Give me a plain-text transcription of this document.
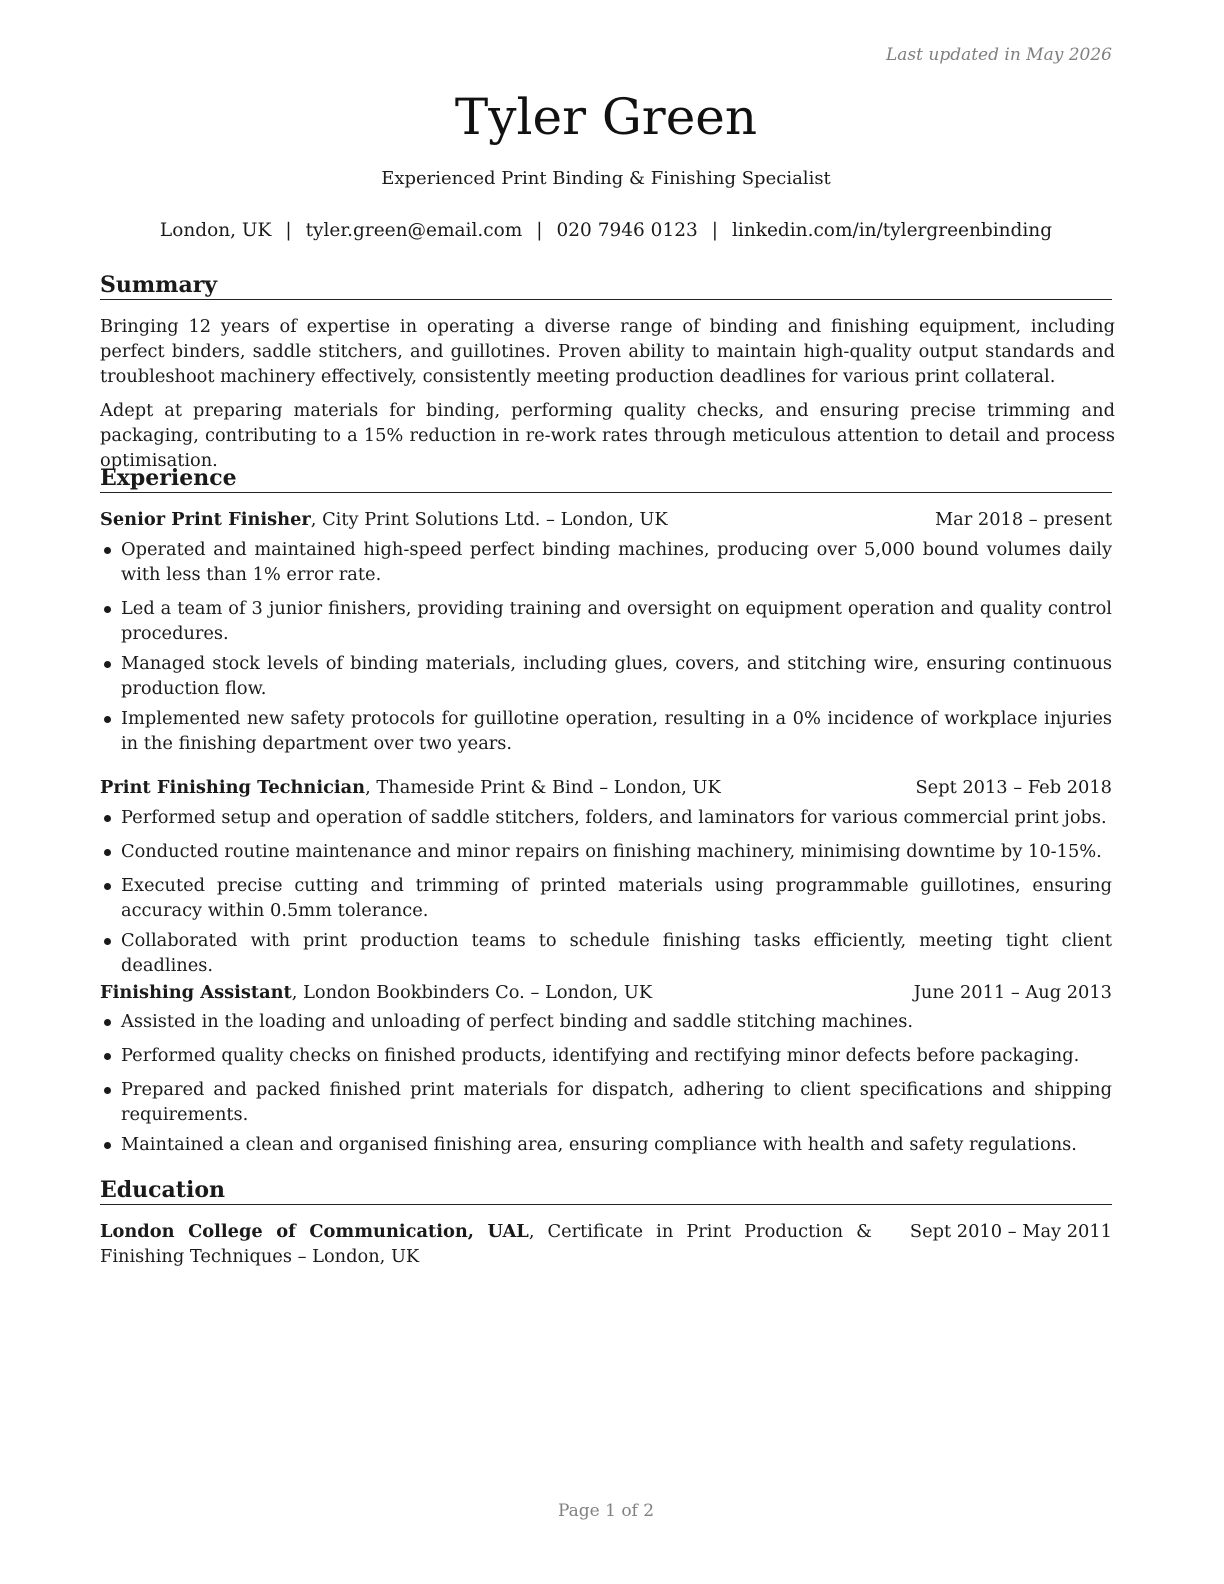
Last updated in May 2026
Tyler Green
Experienced Print Binding & Finishing Specialist
London, UK | tyler.green@email.com | 020 7946 0123 | linkedin.com/in/tylergreenbinding
Summary

Bringing 12 years of expertise in operating a diverse range of binding and finishing equipment, including perfect binders, saddle stitchers, and guillotines. Proven ability to maintain high-quality output standards and troubleshoot machinery effectively, consistently meeting production deadlines for various print collateral.

Adept at preparing materials for binding, performing quality checks, and ensuring precise trimming and packaging, contributing to a 15% reduction in re-work rates through meticulous attention to detail and process optimisation.

Experience
Senior Print Finisher, City Print Solutions Ltd. – London, UK	Mar 2018 – present
Operated and maintained high-speed perfect binding machines, producing over 5,000 bound volumes daily with less than 1% error rate.
Led a team of 3 junior finishers, providing training and oversight on equipment operation and quality control procedures.
Managed stock levels of binding materials, including glues, covers, and stitching wire, ensuring continuous production flow.
Implemented new safety protocols for guillotine operation, resulting in a 0% incidence of workplace injuries in the finishing department over two years.
Print Finishing Technician, Thameside Print & Bind – London, UK	Sept 2013 – Feb 2018
Performed setup and operation of saddle stitchers, folders, and laminators for various commercial print jobs.
Conducted routine maintenance and minor repairs on finishing machinery, minimising downtime by 10-15%.
Executed precise cutting and trimming of printed materials using programmable guillotines, ensuring accuracy within 0.5mm tolerance.
Collaborated with print production teams to schedule finishing tasks efficiently, meeting tight client deadlines.
Finishing Assistant, London Bookbinders Co. – London, UK	June 2011 – Aug 2013
Assisted in the loading and unloading of perfect binding and saddle stitching machines.
Performed quality checks on finished products, identifying and rectifying minor defects before packaging.
Prepared and packed finished print materials for dispatch, adhering to client specifications and shipping requirements.
Maintained a clean and organised finishing area, ensuring compliance with health and safety regulations.
Education
London College of Communication, UAL, Certificate in Print Production & Finishing Techniques – London, UK
Sept 2010 – May 2011
Page 1 of 2
